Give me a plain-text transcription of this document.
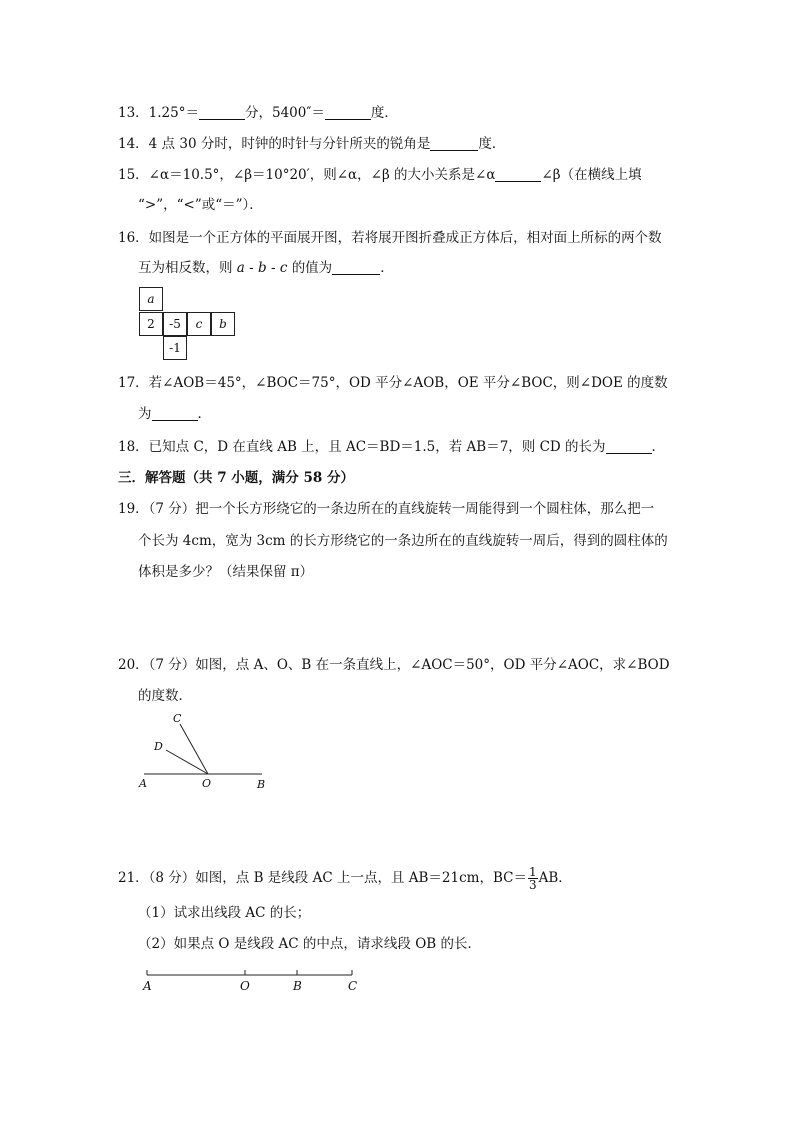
13．1.25°＝	分，5400″＝	度．
14．4 点 30 分时，时钟的时针与分针所夹的锐角是	度．
15．∠α＝10.5°，∠β＝10°20′，则∠α，∠β 的大小关系是∠α	∠β（在横线上填
“>”，“<”或“＝”）．
16．如图是一个正方体的平面展开图，若将展开图折叠成正方体后，相对面上所标的两个数
互为相反数，则 a - b - c 的值为	．
a
2	-5	c	b
-1
17．若∠AOB＝45°，∠BOC＝75°，OD 平分∠AOB，OE 平分∠BOC，则∠DOE 的度数
为	．
18．已知点 C，D 在直线 AB 上，且 AC＝BD＝1.5，若 AB＝7，则 CD 的长为	．
三．解答题（共 7 小题，满分 58 分）
19．（7 分）把一个长方形绕它的一条边所在的直线旋转一周能得到一个圆柱体，那么把一
个长为 4cm，宽为 3cm 的长方形绕它的一条边所在的直线旋转一周后，得到的圆柱体的
体积是多少？（结果保留 π）
20．（7 分）如图，点 A、O、B 在一条直线上，∠AOC＝50°，OD 平分∠AOC，求∠BOD
的度数．
C
D
A	O	B
21．（8 分）如图，点 B 是线段 AC 上一点，且 AB＝21cm，$BC= \frac{1}{3}$ AB．
（1）试求出线段 AC 的长；
（2）如果点 O 是线段 AC 的中点，请求线段 OB 的长．
A	O	B	C
